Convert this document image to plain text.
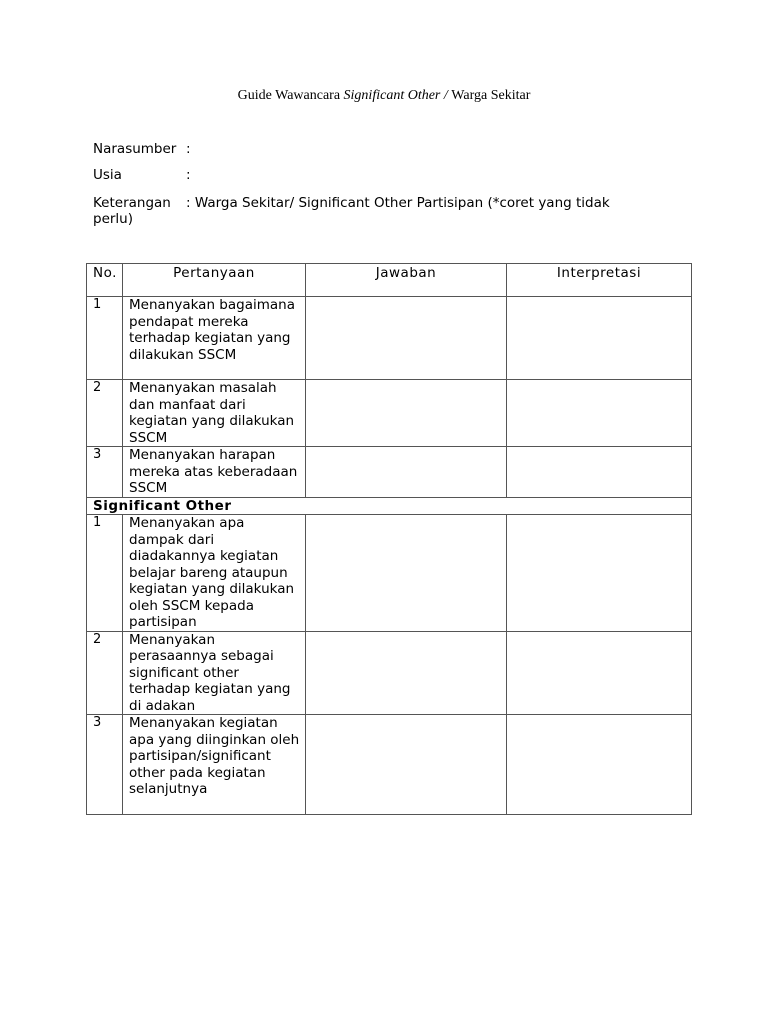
Guide Wawancara Significant Other / Warga Sekitar
Narasumber :
Usia	:
Keterangan : Warga Sekitar/ Significant Other Partisipan (*coret yang tidak perlu)
No.	Pertanyaan	Jawaban	Interpretasi
1	Menanyakan bagaimana pendapat mereka terhadap kegiatan yang dilakukan SSCM		
2	Menanyakan masalah dan manfaat dari kegiatan yang dilakukan SSCM		
3	Menanyakan harapan mereka atas keberadaan SSCM		
Significant Other			
1	Menanyakan apa dampak dari diadakannya kegiatan belajar bareng ataupun kegiatan yang dilakukan oleh SSCM kepada partisipan		
2	Menanyakan perasaannya sebagai significant other terhadap kegiatan yang di adakan		
3	Menanyakan kegiatan apa yang diinginkan oleh partisipan/significant other pada kegiatan selanjutnya		
